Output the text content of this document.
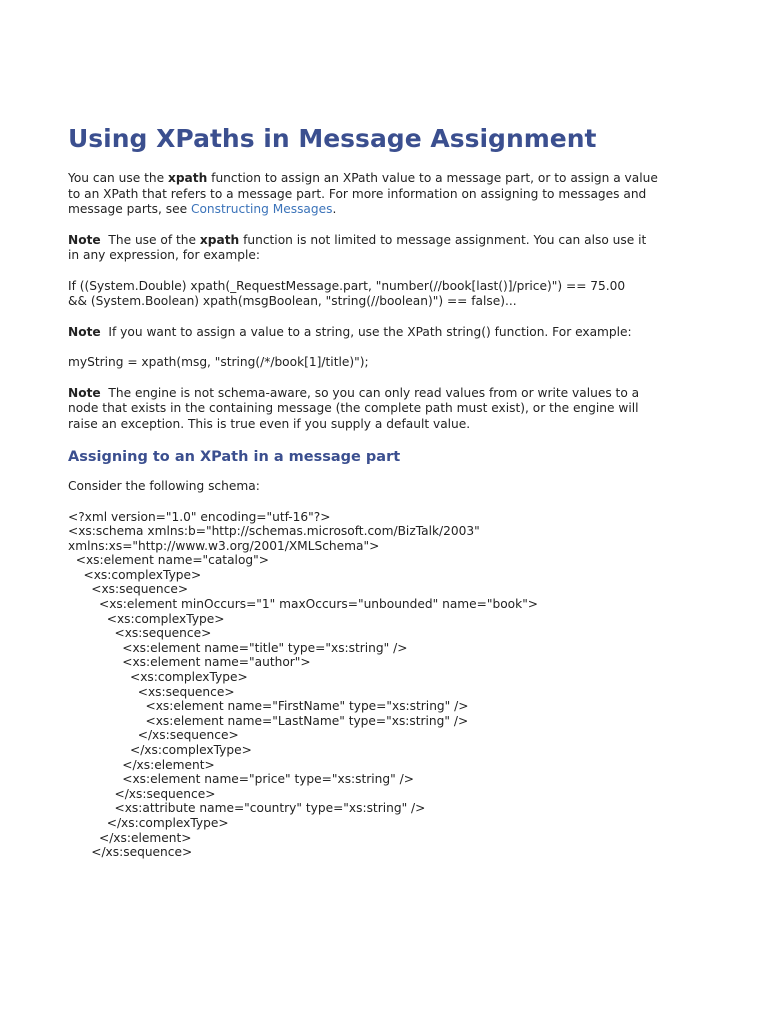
Using XPaths in Message Assignment

You can use the xpath function to assign an XPath value to a message part, or to assign a value to an XPath that refers to a message part. For more information on assigning to messages and message parts, see Constructing Messages.

Note  The use of the xpath function is not limited to message assignment. You can also use it in any expression, for example:

If ((System.Double) xpath(_RequestMessage.part, "number(//book[last()]/price)") == 75.00
&& (System.Boolean) xpath(msgBoolean, "string(//boolean)") == false)...

Note  If you want to assign a value to a string, use the XPath string() function. For example:

myString = xpath(msg, "string(/*/book[1]/title)");

Note  The engine is not schema-aware, so you can only read values from or write values to a node that exists in the containing message (the complete path must exist), or the engine will raise an exception. This is true even if you supply a default value.

Assigning to an XPath in a message part

Consider the following schema:

<?xml version="1.0" encoding="utf-16"?>
<xs:schema xmlns:b="http://schemas.microsoft.com/BizTalk/2003"
xmlns:xs="http://www.w3.org/2001/XMLSchema">
<xs:element name="catalog">
<xs:complexType>
<xs:sequence>
<xs:element minOccurs="1" maxOccurs="unbounded" name="book">
<xs:complexType>
<xs:sequence>
<xs:element name="title" type="xs:string" />
<xs:element name="author">
<xs:complexType>
<xs:sequence>
<xs:element name="FirstName" type="xs:string" />
<xs:element name="LastName" type="xs:string" />
</xs:sequence>
</xs:complexType>
</xs:element>
<xs:element name="price" type="xs:string" />
</xs:sequence>
<xs:attribute name="country" type="xs:string" />
</xs:complexType>
</xs:element>
</xs:sequence>
